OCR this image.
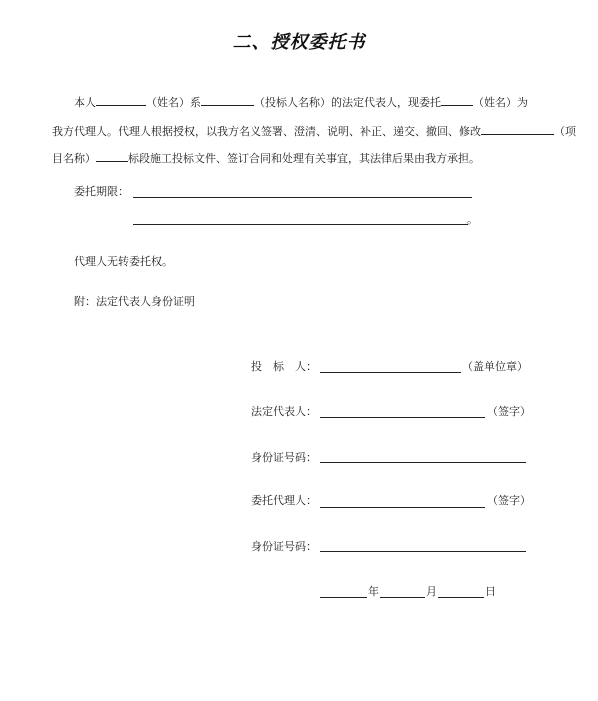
二、授权委托书
本人	（姓名）系	（投标人名称）的法定代表人，现委托	（姓名）为
我方代理人。代理人根据授权，以我方名义签署、澄清、说明、补正、递交、撤回、修改	（项
目名称）	标段施工投标文件、签订合同和处理有关事宜，其法律后果由我方承担。
委托期限：
。
代理人无转委托权。
附：法定代表人身份证明
投　标　人：	（盖单位章）
法定代表人：	（签字）
身份证号码：
委托代理人：	（签字）
身份证号码：
年	月	日
